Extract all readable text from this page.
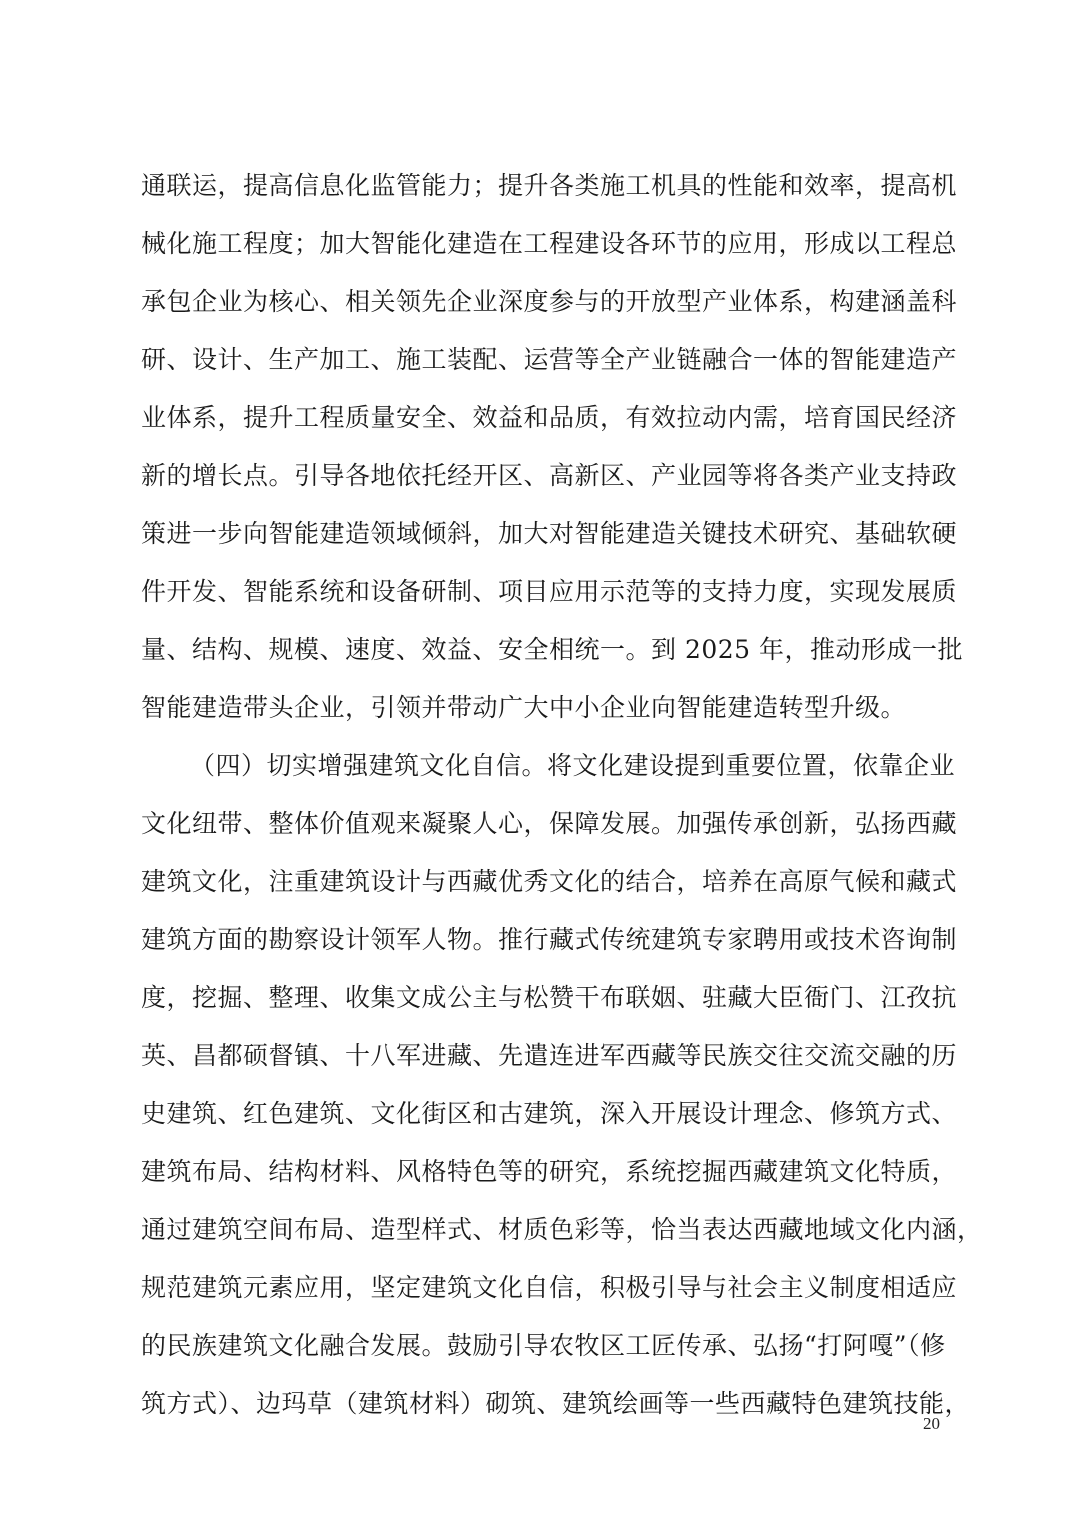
通联运，提高信息化监管能力；提升各类施工机具的性能和效率，提高机
械化施工程度；加大智能化建造在工程建设各环节的应用，形成以工程总
承包企业为核心、相关领先企业深度参与的开放型产业体系，构建涵盖科
研、设计、生产加工、施工装配、运营等全产业链融合一体的智能建造产
业体系，提升工程质量安全、效益和品质，有效拉动内需，培育国民经济
新的增长点。引导各地依托经开区、高新区、产业园等将各类产业支持政
策进一步向智能建造领域倾斜，加大对智能建造关键技术研究、基础软硬
件开发、智能系统和设备研制、项目应用示范等的支持力度，实现发展质
量、结构、规模、速度、效益、安全相统一。到 2025 年，推动形成一批
智能建造带头企业，引领并带动广大中小企业向智能建造转型升级。
（四）切实增强建筑文化自信。将文化建设提到重要位置，依靠企业
文化纽带、整体价值观来凝聚人心，保障发展。加强传承创新，弘扬西藏
建筑文化，注重建筑设计与西藏优秀文化的结合，培养在高原气候和藏式
建筑方面的勘察设计领军人物。推行藏式传统建筑专家聘用或技术咨询制
度，挖掘、整理、收集文成公主与松赞干布联姻、驻藏大臣衙门、江孜抗
英、昌都硕督镇、十八军进藏、先遣连进军西藏等民族交往交流交融的历
史建筑、红色建筑、文化街区和古建筑，深入开展设计理念、修筑方式、
建筑布局、结构材料、风格特色等的研究，系统挖掘西藏建筑文化特质，
通过建筑空间布局、造型样式、材质色彩等，恰当表达西藏地域文化内涵，
规范建筑元素应用，坚定建筑文化自信，积极引导与社会主义制度相适应
的民族建筑文化融合发展。鼓励引导农牧区工匠传承、弘扬“打阿嘎”（修
筑方式）、边玛草（建筑材料）砌筑、建筑绘画等一些西藏特色建筑技能，
20
